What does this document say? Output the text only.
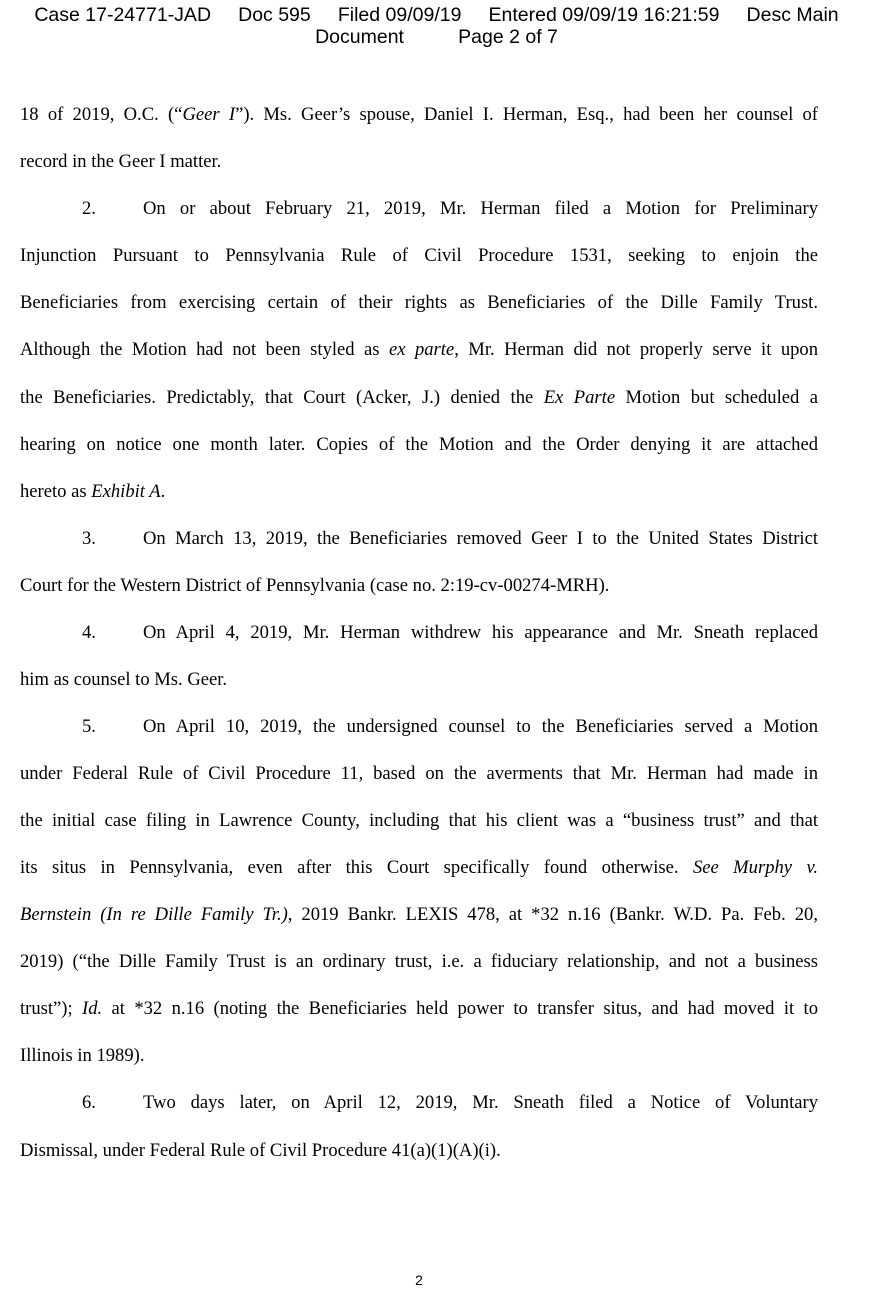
Case 17-24771-JAD     Doc 595     Filed 09/09/19     Entered 09/09/19 16:21:59     Desc Main
Document          Page 2 of 7
18 of 2019, O.C. (“Geer I”). Ms. Geer’s spouse, Daniel I. Herman, Esq., had been her counsel of
record in the Geer I matter.
2.	On or about February 21, 2019, Mr. Herman filed a Motion for Preliminary
Injunction Pursuant to Pennsylvania Rule of Civil Procedure 1531, seeking to enjoin the
Beneficiaries from exercising certain of their rights as Beneficiaries of the Dille Family Trust.
Although the Motion had not been styled as ex parte, Mr. Herman did not properly serve it upon
the Beneficiaries. Predictably, that Court (Acker, J.) denied the Ex Parte Motion but scheduled a
hearing on notice one month later. Copies of the Motion and the Order denying it are attached
hereto as Exhibit A.
3.	On March 13, 2019, the Beneficiaries removed Geer I to the United States District
Court for the Western District of Pennsylvania (case no. 2:19-cv-00274-MRH).
4.	On April 4, 2019, Mr. Herman withdrew his appearance and Mr. Sneath replaced
him as counsel to Ms. Geer.
5.	On April 10, 2019, the undersigned counsel to the Beneficiaries served a Motion
under Federal Rule of Civil Procedure 11, based on the averments that Mr. Herman had made in
the initial case filing in Lawrence County, including that his client was a “business trust” and that
its situs in Pennsylvania, even after this Court specifically found otherwise. See Murphy v.
Bernstein (In re Dille Family Tr.), 2019 Bankr. LEXIS 478, at *32 n.16 (Bankr. W.D. Pa. Feb. 20,
2019) (“the Dille Family Trust is an ordinary trust, i.e. a fiduciary relationship, and not a business
trust”); Id. at *32 n.16 (noting the Beneficiaries held power to transfer situs, and had moved it to
Illinois in 1989).
6.	Two days later, on April 12, 2019, Mr. Sneath filed a Notice of Voluntary
Dismissal, under Federal Rule of Civil Procedure 41(a)(1)(A)(i).
2
